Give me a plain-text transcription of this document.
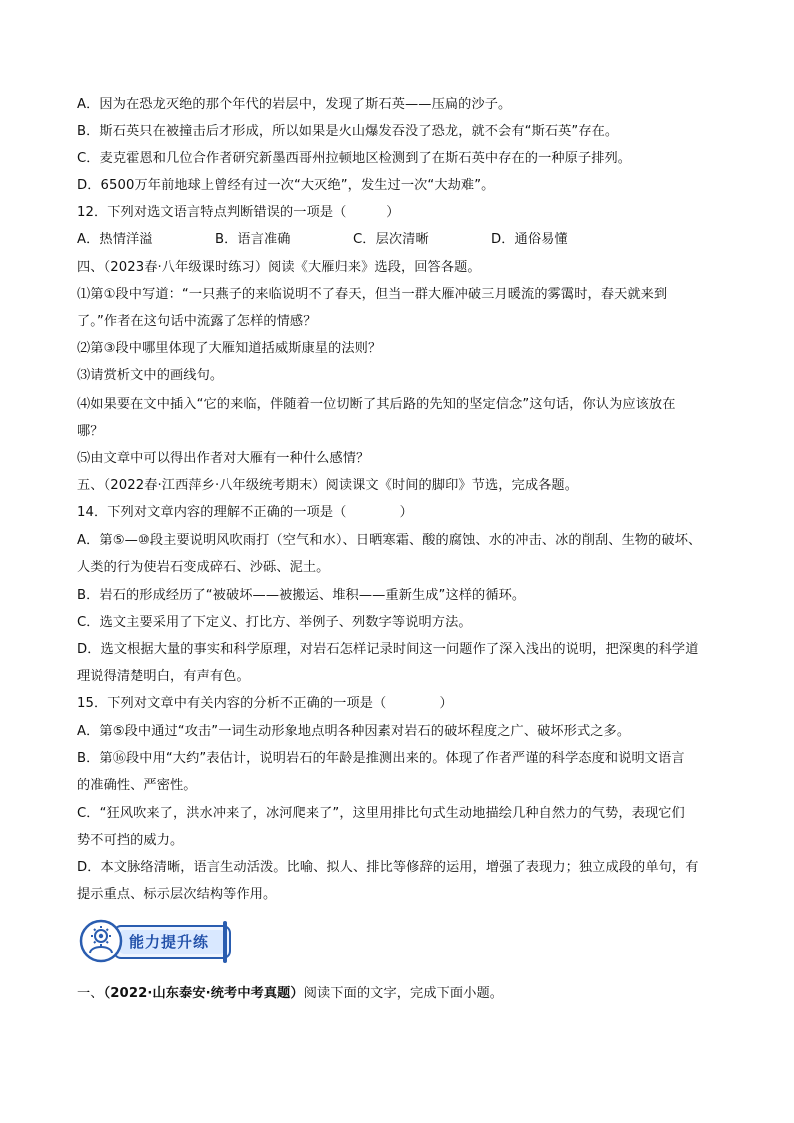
A．因为在恐龙灭绝的那个年代的岩层中，发现了斯石英——压扁的沙子。
B．斯石英只在被撞击后才形成，所以如果是火山爆发吞没了恐龙，就不会有“斯石英”存在。
C．麦克霍恩和几位合作者研究新墨西哥州拉顿地区检测到了在斯石英中存在的一种原子排列。
D．6500万年前地球上曾经有过一次“大灭绝”，发生过一次“大劫难”。
12．下列对选文语言特点判断错误的一项是（　　　）
A．热情洋溢	B．语言准确	C．层次清晰	D．通俗易懂
四、（2023春·八年级课时练习）阅读《大雁归来》选段，回答各题。
⑴第①段中写道：“一只燕子的来临说明不了春天，但当一群大雁冲破三月暖流的雾霭时，春天就来到
了。”作者在这句话中流露了怎样的情感？
⑵第③段中哪里体现了大雁知道括威斯康星的法则？
⑶请赏析文中的画线句。
⑷如果要在文中插入“它的来临，伴随着一位切断了其后路的先知的坚定信念”这句话，你认为应该放在
哪？
⑸由文章中可以得出作者对大雁有一种什么感情？
五、（2022春·江西萍乡·八年级统考期末）阅读课文《时间的脚印》节选，完成各题。
14．下列对文章内容的理解不正确的一项是（　　　　）
A．第⑤—⑩段主要说明风吹雨打（空气和水）、日晒寒霜、酸的腐蚀、水的冲击、冰的削刮、生物的破坏、
人类的行为使岩石变成碎石、沙砾、泥土。
B．岩石的形成经历了“被破坏——被搬运、堆积——重新生成”这样的循环。
C．选文主要采用了下定义、打比方、举例子、列数字等说明方法。
D．选文根据大量的事实和科学原理，对岩石怎样记录时间这一问题作了深入浅出的说明，把深奥的科学道
理说得清楚明白，有声有色。
15．下列对文章中有关内容的分析不正确的一项是（　　　　）
A．第⑤段中通过“攻击”一词生动形象地点明各种因素对岩石的破坏程度之广、破坏形式之多。
B．第⑯段中用“大约”表估计，说明岩石的年龄是推测出来的。体现了作者严谨的科学态度和说明文语言
的准确性、严密性。
C．“狂风吹来了，洪水冲来了，冰河爬来了”，这里用排比句式生动地描绘几种自然力的气势，表现它们
势不可挡的威力。
D．本文脉络清晰，语言生动活泼。比喻、拟人、排比等修辞的运用，增强了表现力；独立成段的单句，有
提示重点、标示层次结构等作用。
能力提升练
一、（2022·山东泰安·统考中考真题）阅读下面的文字，完成下面小题。
